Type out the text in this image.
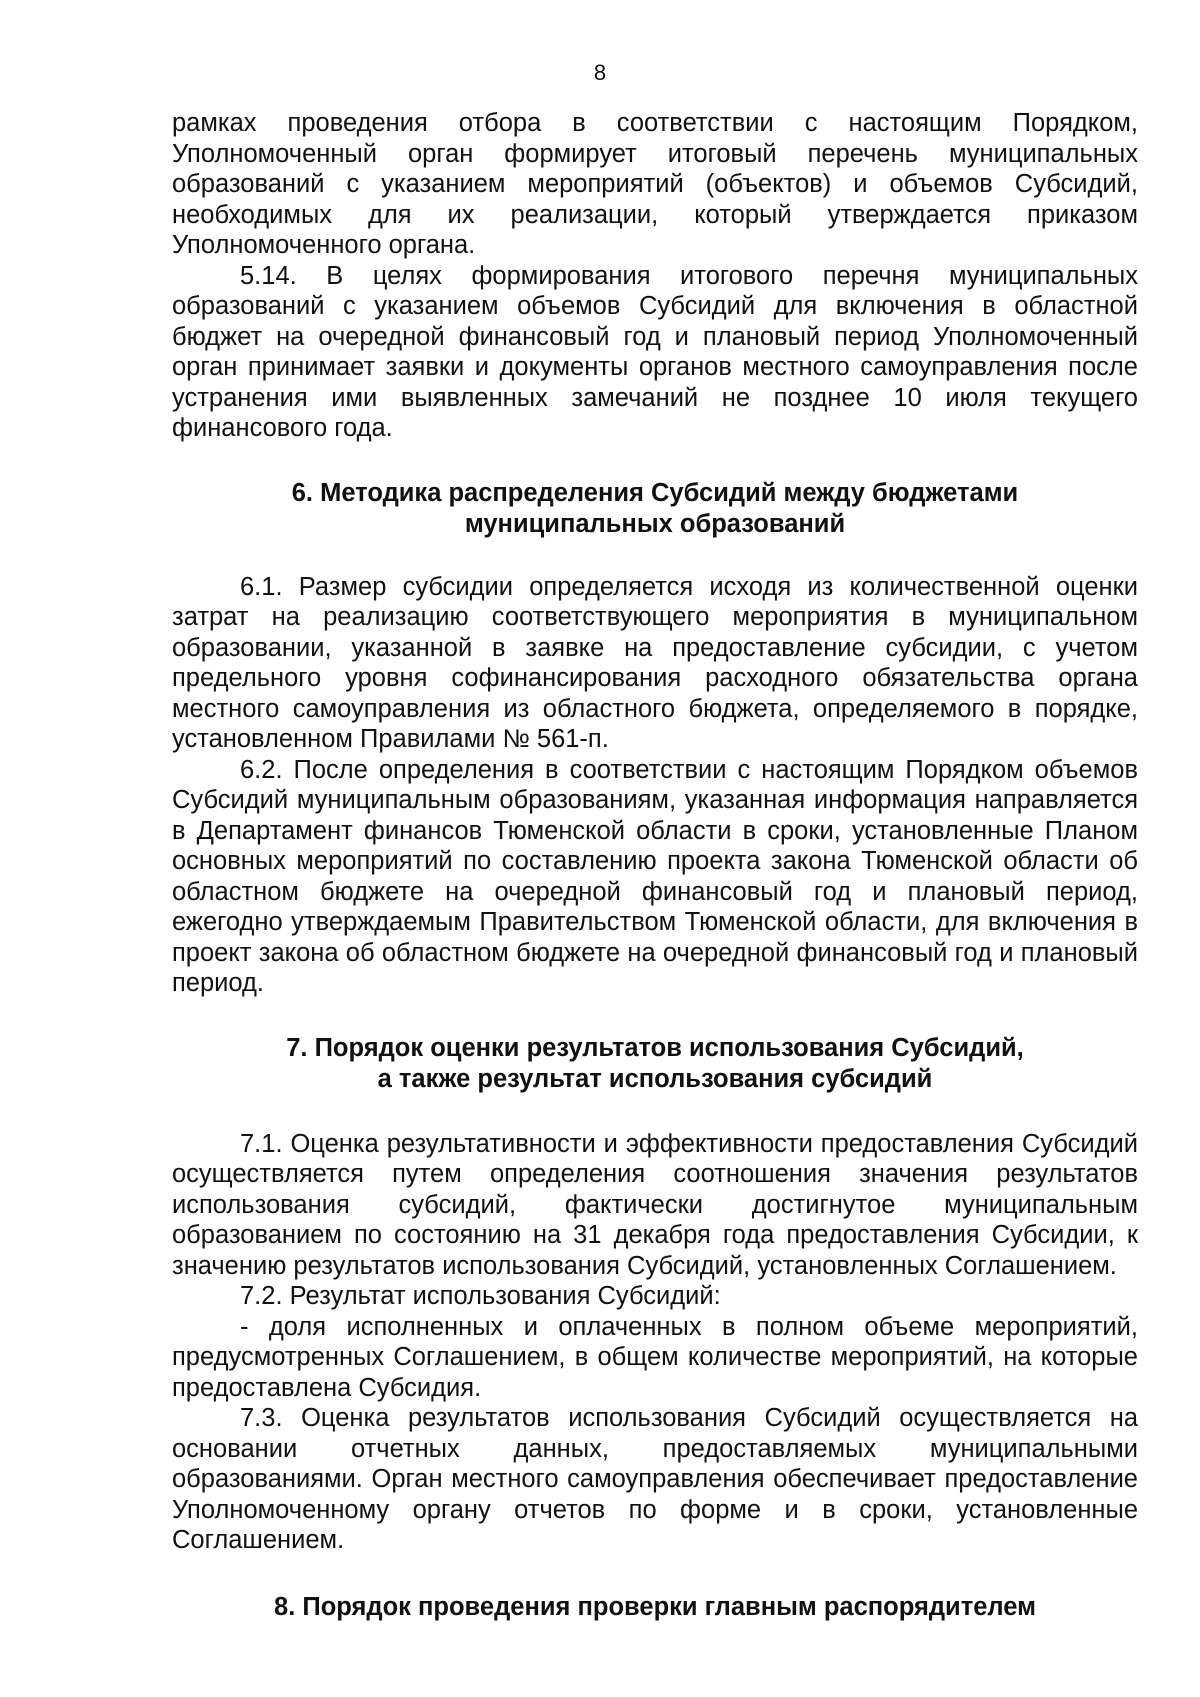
8

рамках проведения отбора в соответствии с настоящим Порядком, Уполномоченный орган формирует итоговый перечень муниципальных образований с указанием мероприятий (объектов) и объемов Субсидий, необходимых для их реализации, который утверждается приказом Уполномоченного органа.

5.14. В целях формирования итогового перечня муниципальных образований с указанием объемов Субсидий для включения в областной бюджет на очередной финансовый год и плановый период Уполномоченный орган принимает заявки и документы органов местного самоуправления после устранения ими выявленных замечаний не позднее 10 июля текущего финансового года.

6. Методика распределения Субсидий между бюджетами
муниципальных образований

6.1. Размер субсидии определяется исходя из количественной оценки затрат на реализацию соответствующего мероприятия в муниципальном образовании, указанной в заявке на предоставление субсидии, с учетом предельного уровня софинансирования расходного обязательства органа местного самоуправления из областного бюджета, определяемого в порядке, установленном Правилами № 561-п.

6.2. После определения в соответствии с настоящим Порядком объемов Субсидий муниципальным образованиям, указанная информация направляется в Департамент финансов Тюменской области в сроки, установленные Планом основных мероприятий по составлению проекта закона Тюменской области об областном бюджете на очередной финансовый год и плановый период, ежегодно утверждаемым Правительством Тюменской области, для включения в проект закона об областном бюджете на очередной финансовый год и плановый период.

7. Порядок оценки результатов использования Субсидий,
а также результат использования субсидий

7.1. Оценка результативности и эффективности предоставления Субсидий осуществляется путем определения соотношения значения результатов использования субсидий, фактически достигнутое муниципальным образованием по состоянию на 31 декабря года предоставления Субсидии, к значению результатов использования Субсидий, установленных Соглашением.

7.2. Результат использования Субсидий:

- доля исполненных и оплаченных в полном объеме мероприятий, предусмотренных Соглашением, в общем количестве мероприятий, на которые предоставлена Субсидия.

7.3. Оценка результатов использования Субсидий осуществляется на основании отчетных данных, предоставляемых муниципальными образованиями. Орган местного самоуправления обеспечивает предоставление Уполномоченному органу отчетов по форме и в сроки, установленные Соглашением.

8. Порядок проведения проверки главным распорядителем
